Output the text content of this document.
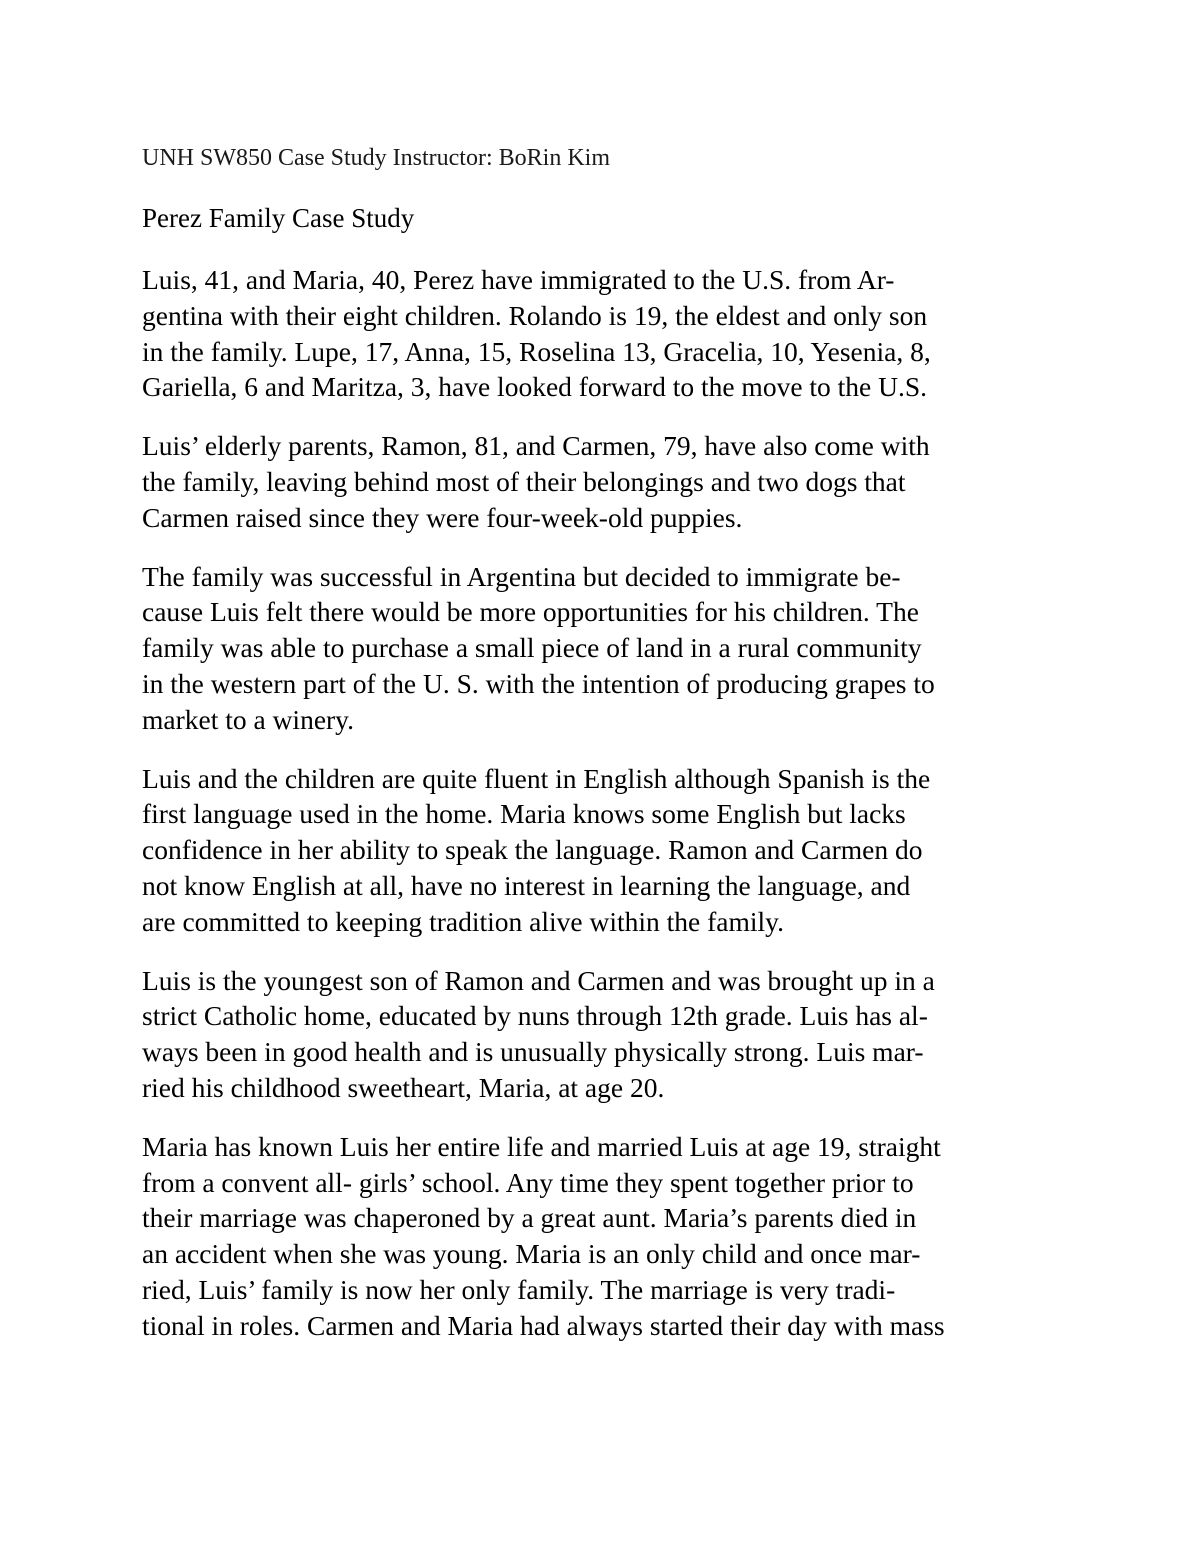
UNH SW850 Case Study Instructor: BoRin Kim

Perez Family Case Study

Luis, 41, and Maria, 40, Perez have immigrated to the U.S. from Ar-
gentina with their eight children. Rolando is 19, the eldest and only son
in the family. Lupe, 17, Anna, 15, Roselina 13, Gracelia, 10, Yesenia, 8,
Gariella, 6 and Maritza, 3, have looked forward to the move to the U.S.

Luis’ elderly parents, Ramon, 81, and Carmen, 79, have also come with
the family, leaving behind most of their belongings and two dogs that
Carmen raised since they were four-week-old puppies.

The family was successful in Argentina but decided to immigrate be-
cause Luis felt there would be more opportunities for his children. The
family was able to purchase a small piece of land in a rural community
in the western part of the U. S. with the intention of producing grapes to
market to a winery.

Luis and the children are quite fluent in English although Spanish is the
first language used in the home. Maria knows some English but lacks
confidence in her ability to speak the language. Ramon and Carmen do
not know English at all, have no interest in learning the language, and
are committed to keeping tradition alive within the family.

Luis is the youngest son of Ramon and Carmen and was brought up in a
strict Catholic home, educated by nuns through 12th grade. Luis has al-
ways been in good health and is unusually physically strong. Luis mar-
ried his childhood sweetheart, Maria, at age 20.

Maria has known Luis her entire life and married Luis at age 19, straight
from a convent all- girls’ school. Any time they spent together prior to
their marriage was chaperoned by a great aunt. Maria’s parents died in
an accident when she was young. Maria is an only child and once mar-
ried, Luis’ family is now her only family. The marriage is very tradi-
tional in roles. Carmen and Maria had always started their day with mass
